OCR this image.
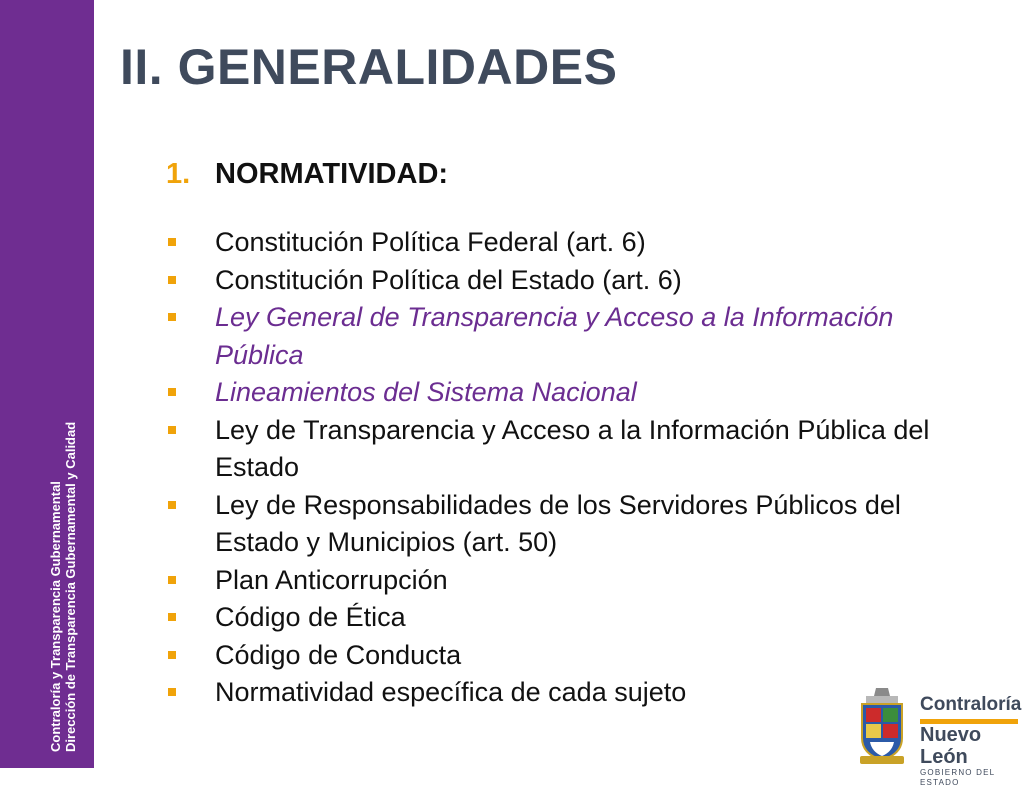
Contraloría y Transparencia Gubernamental Dirección de Transparencia Gubernamental y Calidad
II. GENERALIDADES
1. NORMATIVIDAD:
Constitución Política Federal (art. 6)
Constitución Política del Estado (art. 6)
Ley General de Transparencia y Acceso a la Información Pública
Lineamientos del Sistema Nacional
Ley de Transparencia y Acceso a la Información Pública del Estado
Ley de Responsabilidades de los Servidores Públicos del Estado y Municipios (art. 50)
Plan Anticorrupción
Código de Ética
Código de Conducta
Normatividad específica de cada sujeto	Contraloría
Nuevo León
GOBIERNO DEL ESTADO
